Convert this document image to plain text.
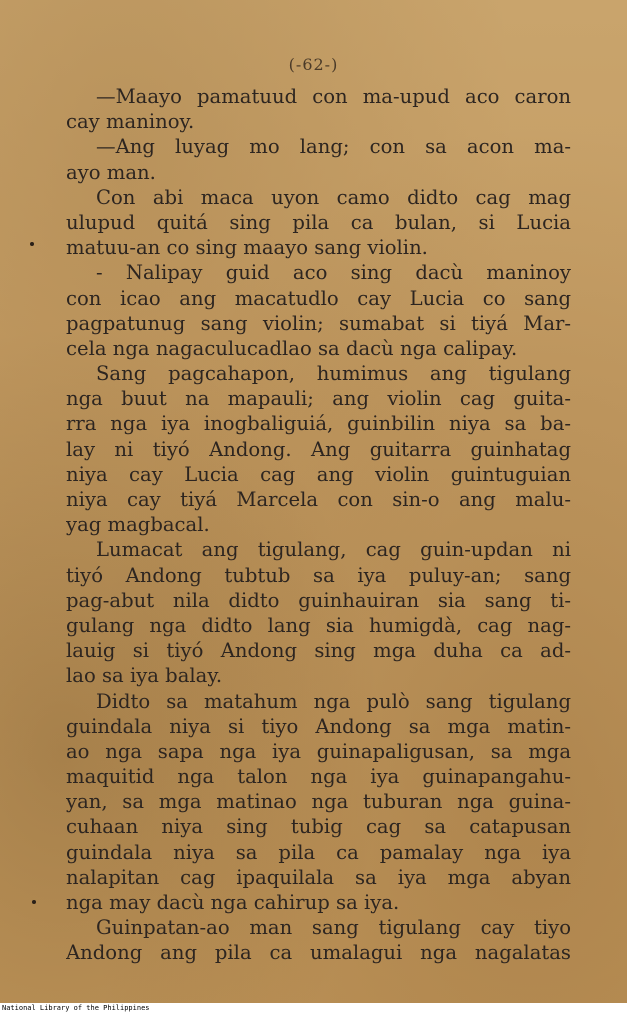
(-62-)
—Maayo pamatuud con ma-upud aco caron
cay maninoy.
—Ang luyag mo lang; con sa acon ma-
ayo man.
Con abi maca uyon camo didto cag mag
ulupud quitá sing pila ca bulan, si Lucia
matuu-an co sing maayo sang violin.
- Nalipay guid aco sing dacù maninoy
con icao ang macatudlo cay Lucia co sang
pagpatunug sang violin; sumabat si tiyá Mar-
cela nga nagaculucadlao sa dacù nga calipay.
Sang pagcahapon, humimus ang tigulang
nga buut na mapauli; ang violin cag guita-
rra nga iya inogbaliguiá, guinbilin niya sa ba-
lay ni tiyó Andong. Ang guitarra guinhatag
niya cay Lucia cag ang violin guintuguian
niya cay tiyá Marcela con sin-o ang malu-
yag magbacal.
Lumacat ang tigulang, cag guin-updan ni
tiyó Andong tubtub sa iya puluy-an; sang
pag-abut nila didto guinhauiran sia sang ti-
gulang nga didto lang sia humigdà, cag nag-
lauig si tiyó Andong sing mga duha ca ad-
lao sa iya balay.
Didto sa matahum nga pulò sang tigulang
guindala niya si tiyo Andong sa mga matin-
ao nga sapa nga iya guinapaligusan, sa mga
maquitid nga talon nga iya guinapangahu-
yan, sa mga matinao nga tuburan nga guina-
cuhaan niya sing tubig cag sa catapusan
guindala niya sa pila ca pamalay nga iya
nalapitan cag ipaquilala sa iya mga abyan
nga may dacù nga cahirup sa iya.
Guinpatan-ao man sang tigulang cay tiyo
Andong ang pila ca umalagui nga nagalatas
National Library of the Philippines
